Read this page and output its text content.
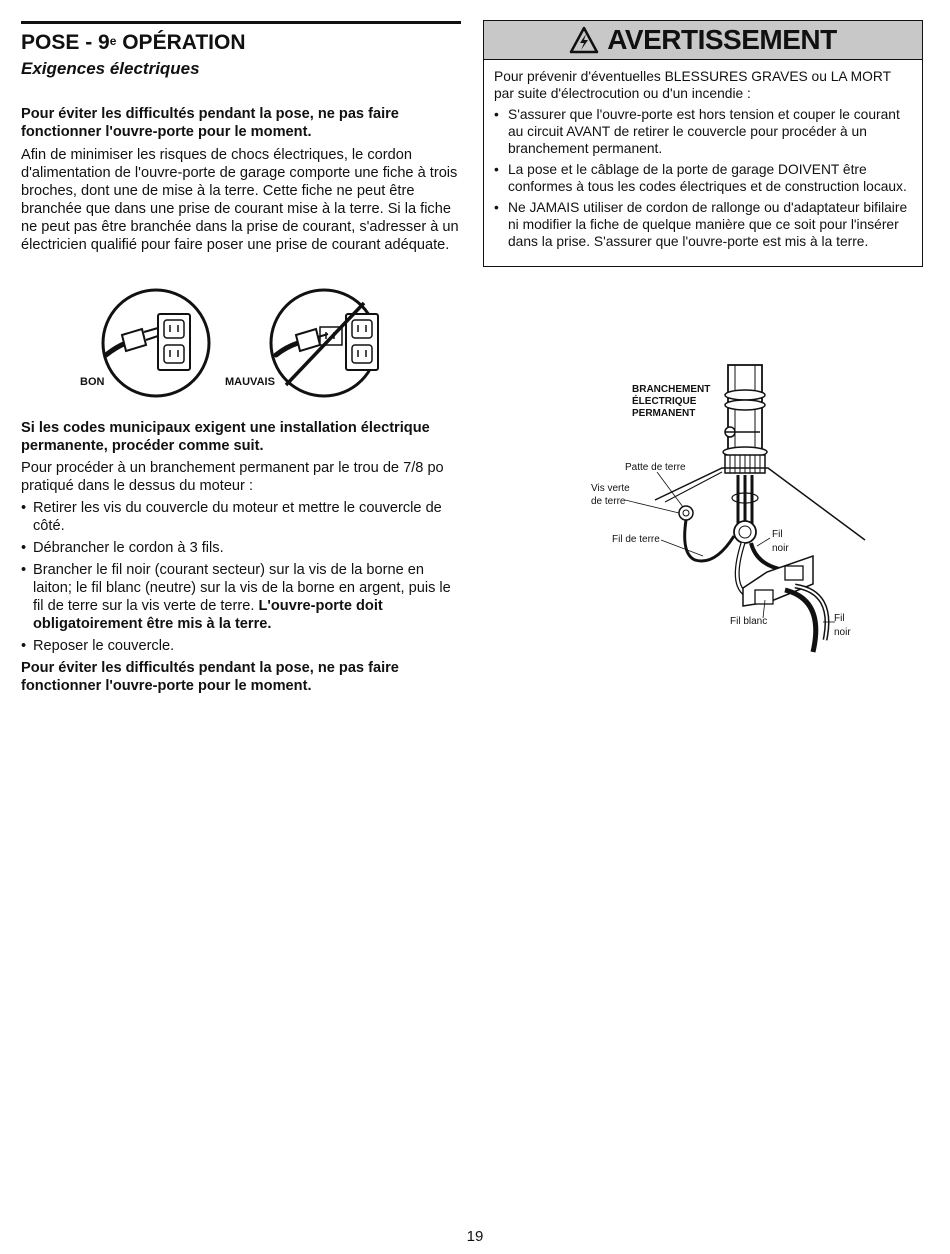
POSE - 9e OPÉRATION
Exigences électriques

Pour éviter les difficultés pendant la pose, ne pas faire fonctionner l'ouvre-porte pour le moment.

Afin de minimiser les risques de chocs électriques, le cordon d'alimentation de l'ouvre-porte de garage comporte une fiche à trois broches, dont une de mise à la terre. Cette fiche ne peut être branchée que dans une prise de courant mise à la terre. Si la fiche ne peut pas être branchée dans la prise de courant, s'adresser à un électricien qualifié pour faire poser une prise de courant adéquate.

Si les codes municipaux exigent une installation électrique permanente, procéder comme suit.

Pour procéder à un branchement permanent par le trou de 7/8 po pratiqué dans le dessus du moteur :

• Retirer les vis du couvercle du moteur et mettre le couvercle de côté.
• Débrancher le cordon à 3 fils.
• Brancher le fil noir (courant secteur) sur la vis de la borne en laiton; le fil blanc (neutre) sur la vis de la borne en argent, puis le fil de terre sur la vis verte de terre. L'ouvre-porte doit obligatoirement être mis à la terre.
• Reposer le couvercle.

Pour éviter les difficultés pendant la pose, ne pas faire fonctionner l'ouvre-porte pour le moment.

BON	MAUVAIS
AVERTISSEMENT

Pour prévenir d'éventuelles BLESSURES GRAVES ou LA MORT par suite d'électrocution ou d'un incendie :

• S'assurer que l'ouvre-porte est hors tension et couper le courant au circuit AVANT de retirer le couvercle pour procéder à un branchement permanent.
• La pose et le câblage de la porte de garage DOIVENT être conformes à tous les codes électriques et de construction locaux.
• Ne JAMAIS utiliser de cordon de rallonge ou d'adaptateur bifilaire ni modifier la fiche de quelque manière que ce soit pour l'insérer dans la prise. S'assurer que l'ouvre-porte est mis à la terre.
BRANCHEMENT
ÉLECTRIQUE
PERMANENT
Patte de terre
Vis verte
de terre
Fil de terre	Fil
noir
Fil blanc	Fil
noir
19
